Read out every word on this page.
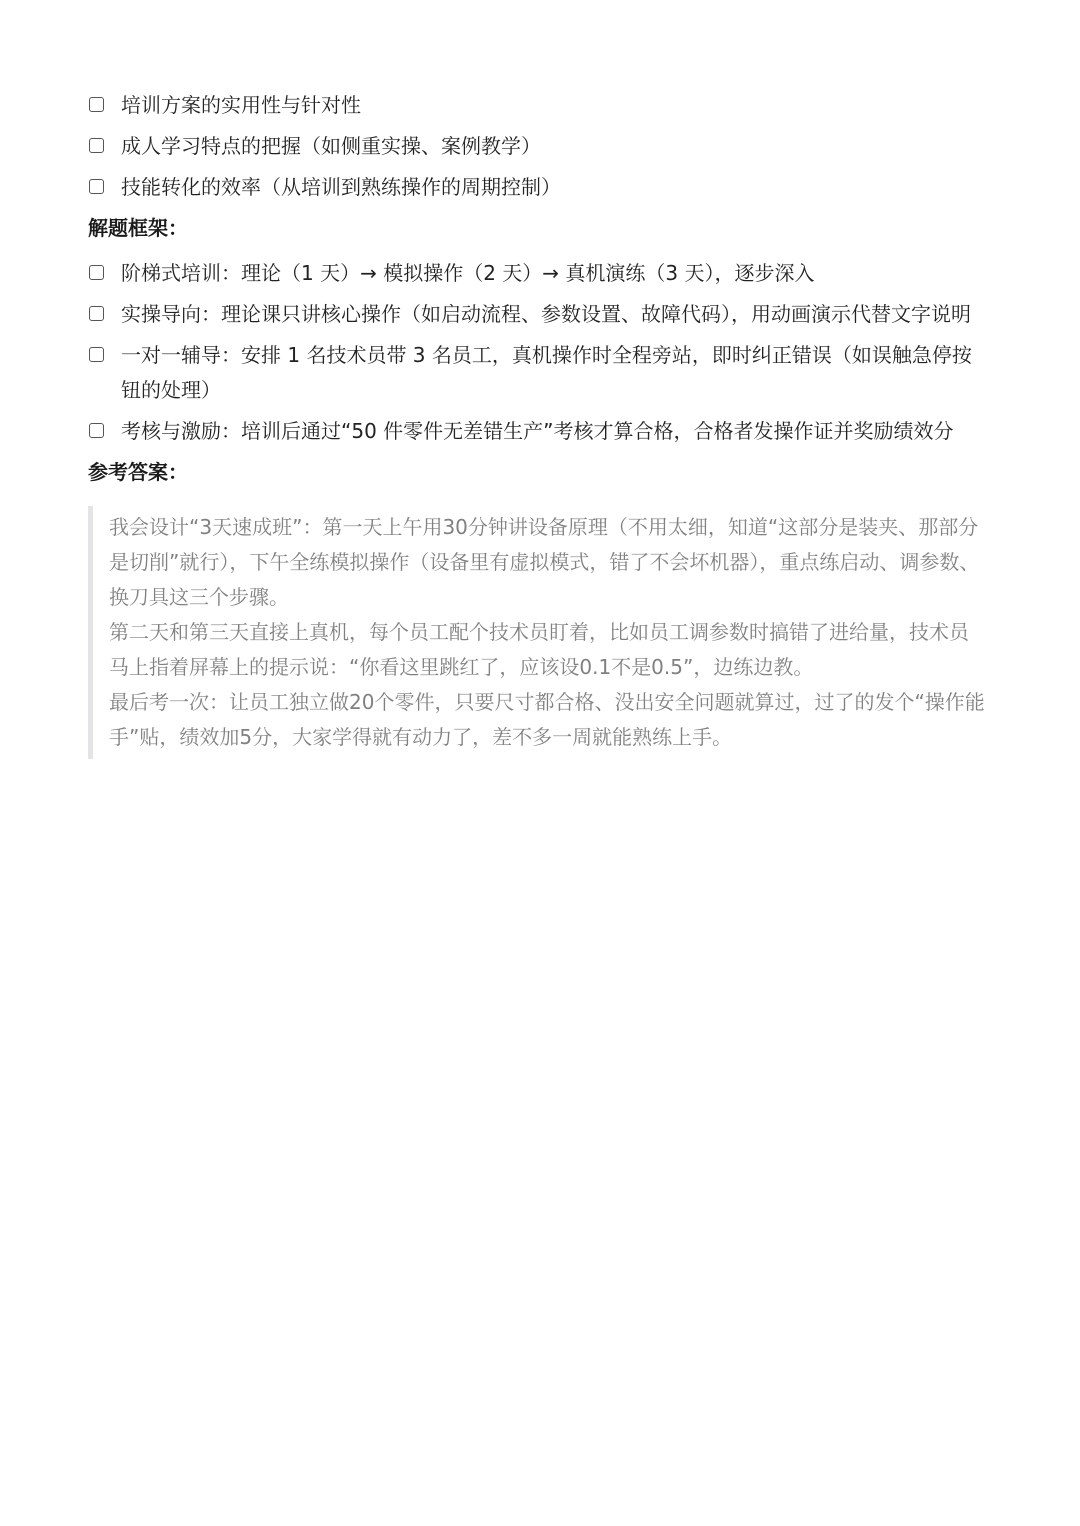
培训方案的实用性与针对性
成人学习特点的把握（如侧重实操、案例教学）
技能转化的效率（从培训到熟练操作的周期控制）
解题框架：
阶梯式培训：理论（1 天）→ 模拟操作（2 天）→ 真机演练（3 天），逐步深入
实操导向：理论课只讲核心操作（如启动流程、参数设置、故障代码），用动画演示代替文字说明
一对一辅导：安排 1 名技术员带 3 名员工，真机操作时全程旁站，即时纠正错误（如误触急停按钮的处理）
考核与激励：培训后通过“50 件零件无差错生产”考核才算合格，合格者发操作证并奖励绩效分
参考答案：

我会设计“3天速成班”：第一天上午用30分钟讲设备原理（不用太细，知道“这部分是装夹、那部分是切削”就行），下午全练模拟操作（设备里有虚拟模式，错了不会坏机器），重点练启动、调参数、换刀具这三个步骤。

第二天和第三天直接上真机，每个员工配个技术员盯着，比如员工调参数时搞错了进给量，技术员马上指着屏幕上的提示说：“你看这里跳红了，应该设0.1不是0.5”，边练边教。

最后考一次：让员工独立做20个零件，只要尺寸都合格、没出安全问题就算过，过了的发个“操作能手”贴，绩效加5分，大家学得就有动力了，差不多一周就能熟练上手。
